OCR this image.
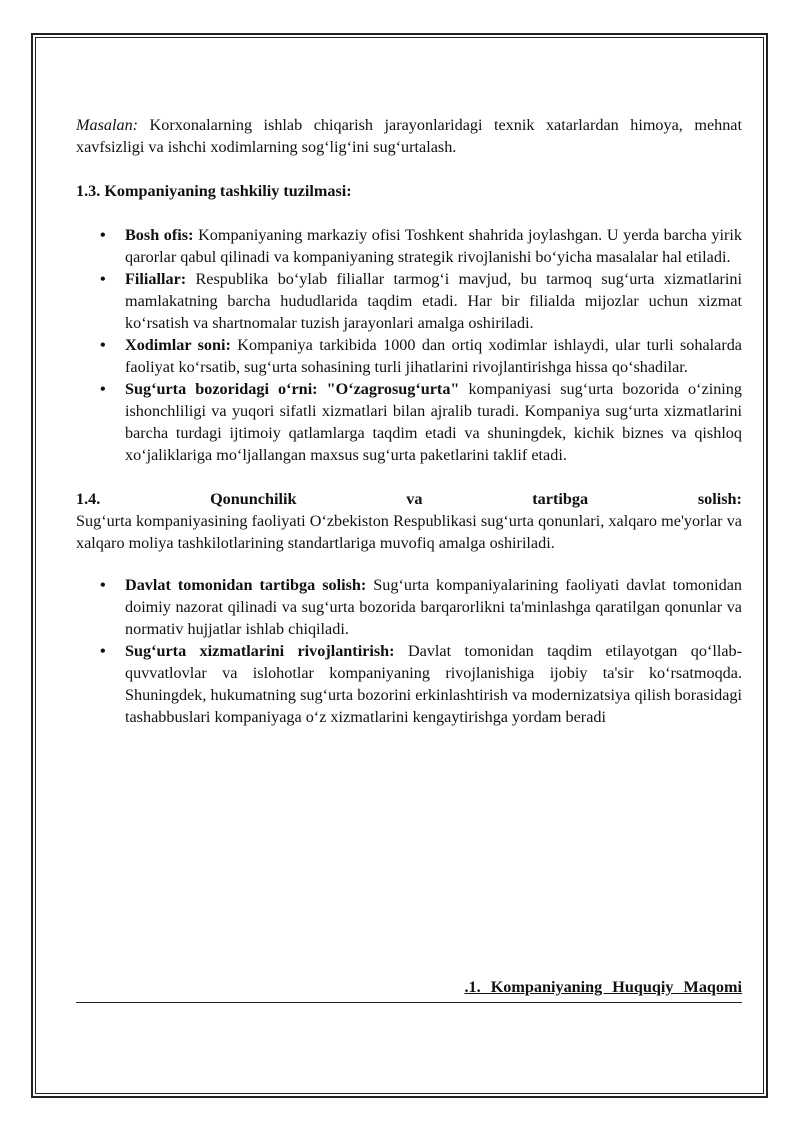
Masalan: Korxonalarning ishlab chiqarish jarayonlaridagi texnik xatarlardan himoya, mehnat xavfsizligi va ishchi xodimlarning sog‘lig‘ini sug‘urtalash.

1.3. Kompaniyaning tashkiliy tuzilmasi:
• Bosh ofis: Kompaniyaning markaziy ofisi Toshkent shahrida joylashgan. U yerda barcha yirik qarorlar qabul qilinadi va kompaniyaning strategik rivojlanishi bo‘yicha masalalar hal etiladi.
• Filiallar: Respublika bo‘ylab filiallar tarmog‘i mavjud, bu tarmoq sug‘urta xizmatlarini mamlakatning barcha hududlarida taqdim etadi. Har bir filialda mijozlar uchun xizmat ko‘rsatish va shartnomalar tuzish jarayonlari amalga oshiriladi.
• Xodimlar soni: Kompaniya tarkibida 1000 dan ortiq xodimlar ishlaydi, ular turli sohalarda faoliyat ko‘rsatib, sug‘urta sohasining turli jihatlarini rivojlantirishga hissa qo‘shadilar.
• Sug‘urta bozoridagi o‘rni: "O‘zagrosug‘urta" kompaniyasi sug‘urta bozorida o‘zining ishonchliligi va yuqori sifatli xizmatlari bilan ajralib turadi. Kompaniya sug‘urta xizmatlarini barcha turdagi ijtimoiy qatlamlarga taqdim etadi va shuningdek, kichik biznes va qishloq xo‘jaliklariga mo‘ljallangan maxsus sug‘urta paketlarini taklif etadi.
1.4.	Qonunchilik	va	tartibga	solish:
Sug‘urta kompaniyasining faoliyati O‘zbekiston Respublikasi sug‘urta qonunlari, xalqaro me'yorlar va xalqaro moliya tashkilotlarining standartlariga muvofiq amalga oshiriladi.
• Davlat tomonidan tartibga solish: Sug‘urta kompaniyalarining faoliyati davlat tomonidan doimiy nazorat qilinadi va sug‘urta bozorida barqarorlikni ta'minlashga qaratilgan qonunlar va normativ hujjatlar ishlab chiqiladi.
• Sug‘urta xizmatlarini rivojlantirish: Davlat tomonidan taqdim etilayotgan qo‘llab-quvvatlovlar va islohotlar kompaniyaning rivojlanishiga ijobiy ta'sir ko‘rsatmoqda. Shuningdek, hukumatning sug‘urta bozorini erkinlashtirish va modernizatsiya qilish borasidagi tashabbuslari kompaniyaga o‘z xizmatlarini kengaytirishga yordam beradi
.1. Kompaniyaning Huquqiy Maqomi
